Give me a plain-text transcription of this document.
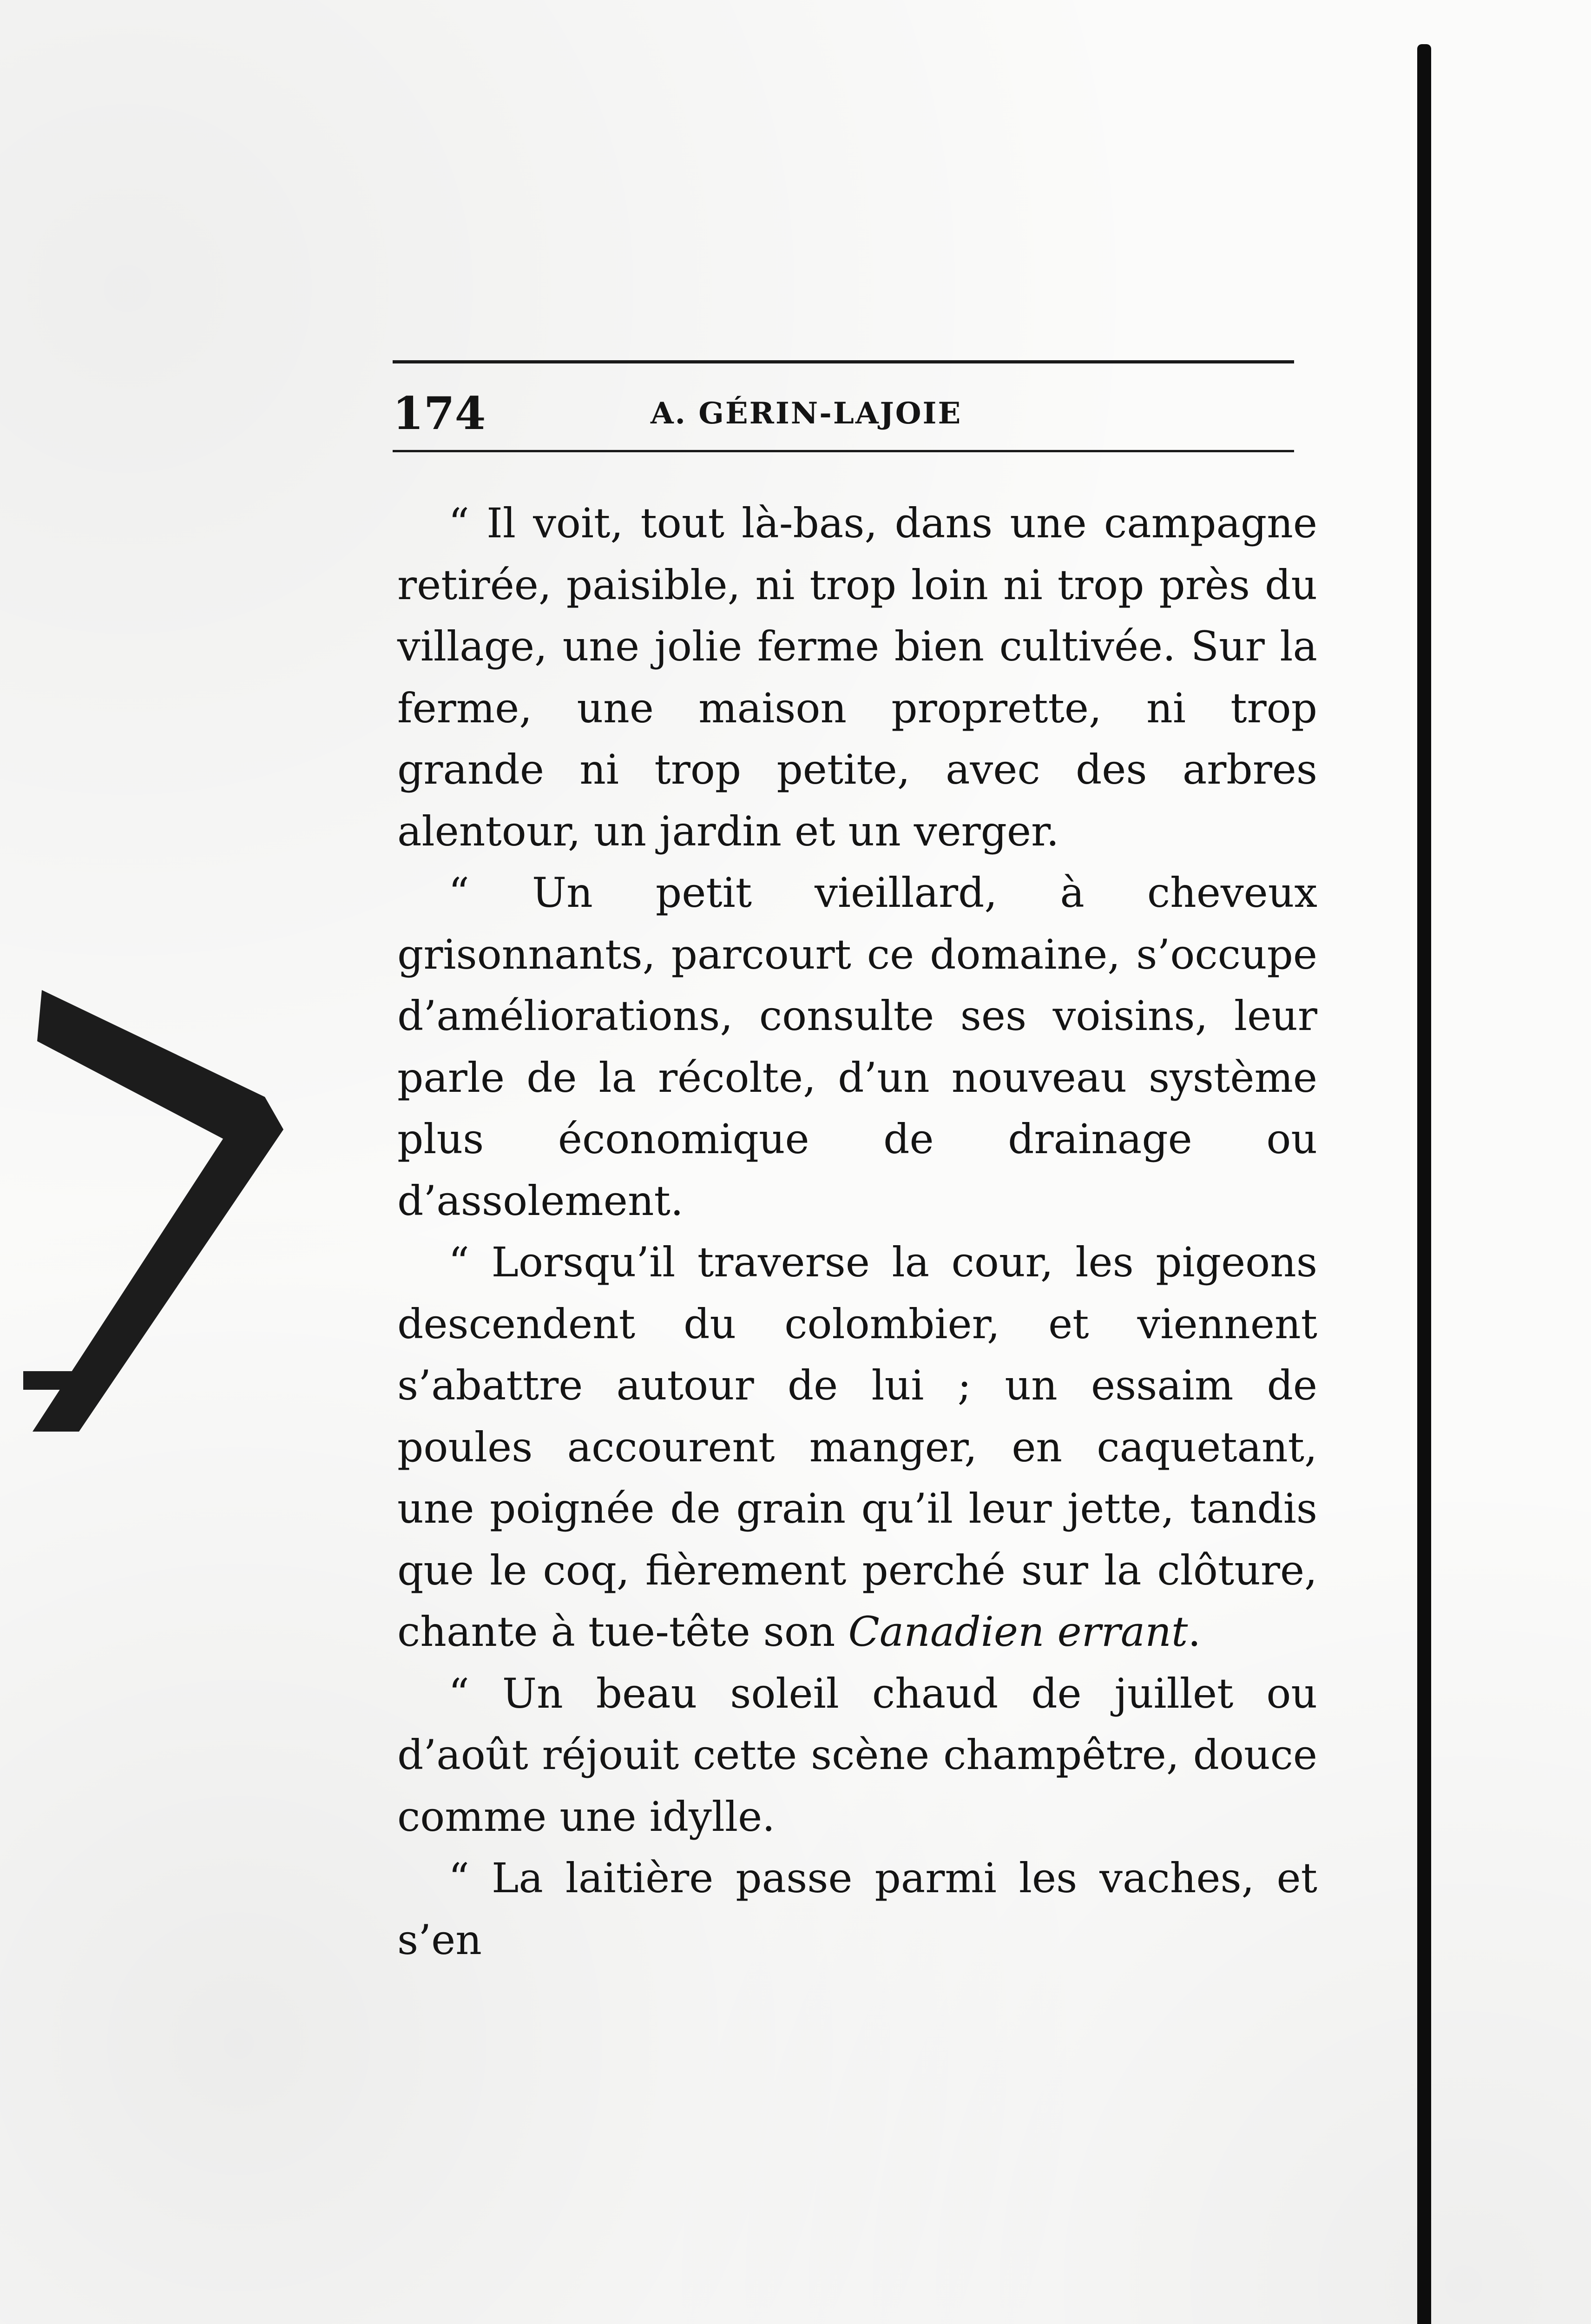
174	A. GÉRIN-LAJOIE

“ Il voit, tout là-bas, dans une campagne retirée, paisible, ni trop loin ni trop près du village, une jolie ferme bien cultivée. Sur la ferme, une maison proprette, ni trop grande ni trop petite, avec des arbres alentour, un jardin et un verger.

“ Un petit vieillard, à cheveux grisonnants, parcourt ce domaine, s’occupe d’améliorations, consulte ses voisins, leur parle de la récolte, d’un nouveau système plus économique de drainage ou d’assolement.

“ Lorsqu’il traverse la cour, les pigeons descendent du colombier, et viennent s’abattre autour de lui ; un essaim de poules accourent manger, en caquetant, une poignée de grain qu’il leur jette, tandis que le coq, fièrement perché sur la clôture, chante à tue-tête son Canadien errant.

“ Un beau soleil chaud de juillet ou d’août réjouit cette scène champêtre, douce comme une idylle.

“ La laitière passe parmi les vaches, et s’en
